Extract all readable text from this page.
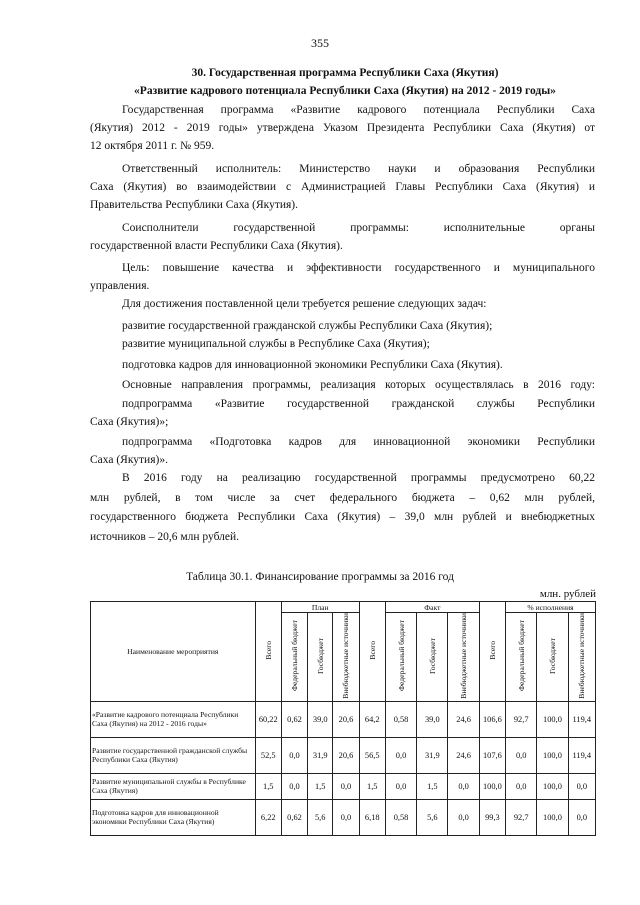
355
30. Государственная программа Республики Саха (Якутия)
«Развитие кадрового потенциала Республики Саха (Якутия) на 2012 - 2019 годы»
Государственная программа «Развитие кадрового потенциала Республики Саха
(Якутия) 2012 - 2019 годы» утверждена Указом Президента Республики Саха (Якутия) от
12 октября 2011 г. № 959.
Ответственный исполнитель: Министерство науки и образования Республики
Саха (Якутия) во взаимодействии с Администрацией Главы Республики Саха (Якутия) и
Правительства Республики Саха (Якутия).
Соисполнители государственной программы: исполнительные органы
государственной власти Республики Саха (Якутия).
Цель: повышение качества и эффективности государственного и муниципального
управления.
Для достижения поставленной цели требуется решение следующих задач:
развитие государственной гражданской службы Республики Саха (Якутия);
развитие муниципальной службы в Республике Саха (Якутия);
подготовка кадров для инновационной экономики Республики Саха (Якутия).
Основные направления программы, реализация которых осуществлялась в 2016 году:
подпрограмма «Развитие государственной гражданской службы Республики
Саха (Якутия)»;
подпрограмма «Подготовка кадров для инновационной экономики Республики
Саха (Якутия)».
В 2016 году на реализацию государственной программы предусмотрено 60,22
млн рублей, в том числе за счет федерального бюджета – 0,62 млн рублей,
государственного бюджета Республики Саха (Якутия) – 39,0 млн рублей и внебюджетных
источников – 20,6 млн рублей.
Таблица 30.1. Финансирование программы за 2016 год
млн. рублей
Наименование мероприятия	Всего	План			Всего	Факт			Всего	% исполнения		
		Федеральный бюджет	Госбюджет	Внебюджетные источники		Федеральный бюджет	Госбюджет	Внебюджетные источники		Федеральный бюджет	Госбюджет	Внебюджетные источники
«Развитие кадрового потенциала Республики Саха (Якутия) на 2012 - 2016 годы»	60,22	0,62	39,0	20,6	64,2	0,58	39,0	24,6	106,6	92,7	100,0	119,4
Развитие государственной гражданской службы Республики Саха (Якутия)	52,5	0,0	31,9	20,6	56,5	0,0	31,9	24,6	107,6	0,0	100,0	119,4
Развитие муниципальной службы в Республике Саха (Якутия)	1,5	0,0	1,5	0,0	1,5	0,0	1,5	0,0	100,0	0,0	100,0	0,0
Подготовка кадров для инновационной экономики Республики Саха (Якутия)	6,22	0,62	5,6	0,0	6,18	0,58	5,6	0,0	99,3	92,7	100,0	0,0
